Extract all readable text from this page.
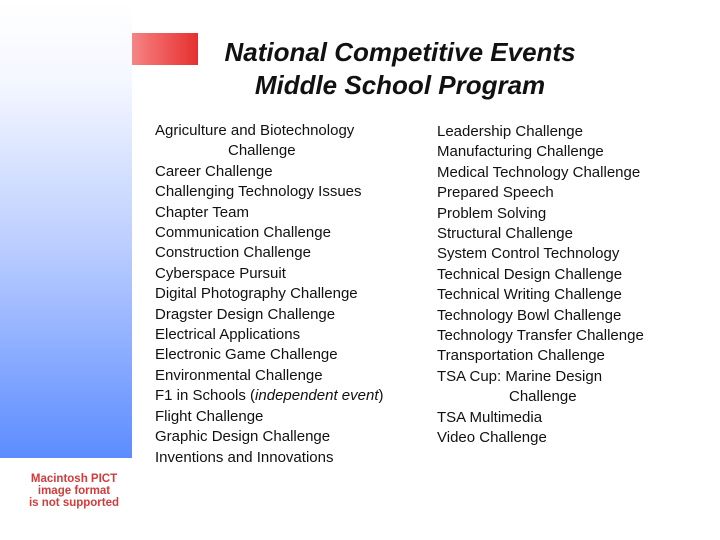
Macintosh PICT
image format
is not supported
National Competitive Events
Middle School Program
Agriculture and Biotechnology
Challenge
Career Challenge
Challenging Technology Issues
Chapter Team
Communication Challenge
Construction Challenge
Cyberspace Pursuit
Digital Photography Challenge
Dragster Design Challenge
Electrical Applications
Electronic Game Challenge
Environmental Challenge
F1 in Schools (independent event)
Flight Challenge
Graphic Design Challenge
Inventions and Innovations
Leadership Challenge
Manufacturing Challenge
Medical Technology Challenge
Prepared Speech
Problem Solving
Structural Challenge
System Control Technology
Technical Design Challenge
Technical Writing Challenge
Technology Bowl Challenge
Technology Transfer Challenge
Transportation Challenge
TSA Cup: Marine Design
Challenge
TSA Multimedia
Video Challenge
